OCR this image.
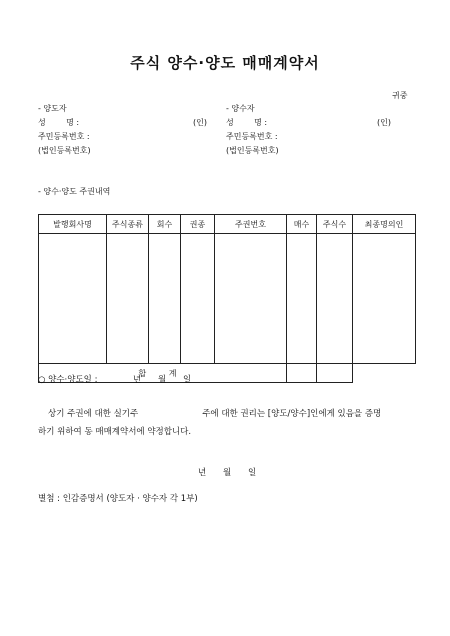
주식 양수·양도 매매계약서
귀중
- 양도자
성        명 :	(인)
주민등록번호 :
(법인등록번호)
- 양수자
성        명 :	(인)
주민등록번호 :
(법인등록번호)
- 양수·양도 주권내역
발행회사명	주식종류	회수	권종	주권번호	매수	주식수	최종명의인

합 계							
○ 양수·양도일 :	년 월 일
상기 주권에 대한 실기주	주에 대한 권리는 [양도/양수]인에게 있음을 증명
하기 위하여 동 매매계약서에 약정합니다.
년 월 일
별첨 : 인감증명서 (양도자 · 양수자 각 1부)
